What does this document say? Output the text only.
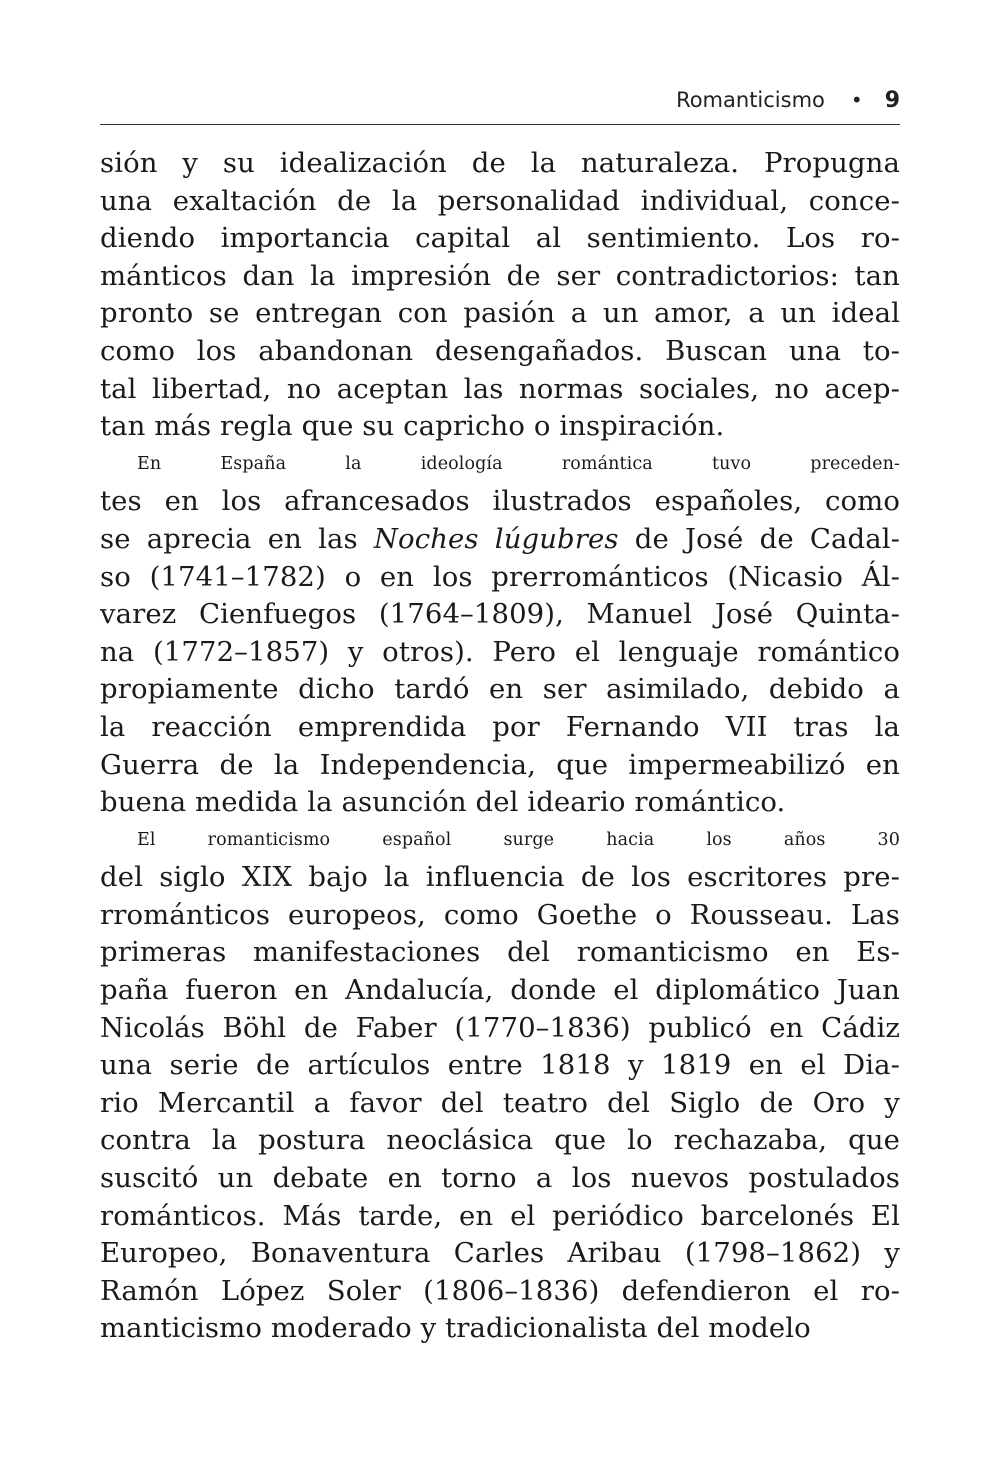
Romanticismo • 9
sión y su idealización de la naturaleza. Propugna
una exaltación de la personalidad individual, conce-
diendo importancia capital al sentimiento. Los ro-
mánticos dan la impresión de ser contradictorios: tan
pronto se entregan con pasión a un amor, a un ideal
como los abandonan desengañados. Buscan una to-
tal libertad, no aceptan las normas sociales, no acep-
tan más regla que su capricho o inspiración.
En España la ideología romántica tuvo preceden-
tes en los afrancesados ilustrados españoles, como
se aprecia en las Noches lúgubres de José de Cadal-
so (1741–1782) o en los prerrománticos (Nicasio Ál-
varez Cienfuegos (1764–1809), Manuel José Quinta-
na (1772–1857) y otros). Pero el lenguaje romántico
propiamente dicho tardó en ser asimilado, debido a
la reacción emprendida por Fernando VII tras la
Guerra de la Independencia, que impermeabilizó en
buena medida la asunción del ideario romántico.
El romanticismo español surge hacia los años 30
del siglo XIX bajo la influencia de los escritores pre-
rrománticos europeos, como Goethe o Rousseau. Las
primeras manifestaciones del romanticismo en Es-
paña fueron en Andalucía, donde el diplomático Juan
Nicolás Böhl de Faber (1770–1836) publicó en Cádiz
una serie de artículos entre 1818 y 1819 en el Dia-
rio Mercantil a favor del teatro del Siglo de Oro y
contra la postura neoclásica que lo rechazaba, que
suscitó un debate en torno a los nuevos postulados
románticos. Más tarde, en el periódico barcelonés El
Europeo, Bonaventura Carles Aribau (1798–1862) y
Ramón López Soler (1806–1836) defendieron el ro-
manticismo moderado y tradicionalista del modelo
